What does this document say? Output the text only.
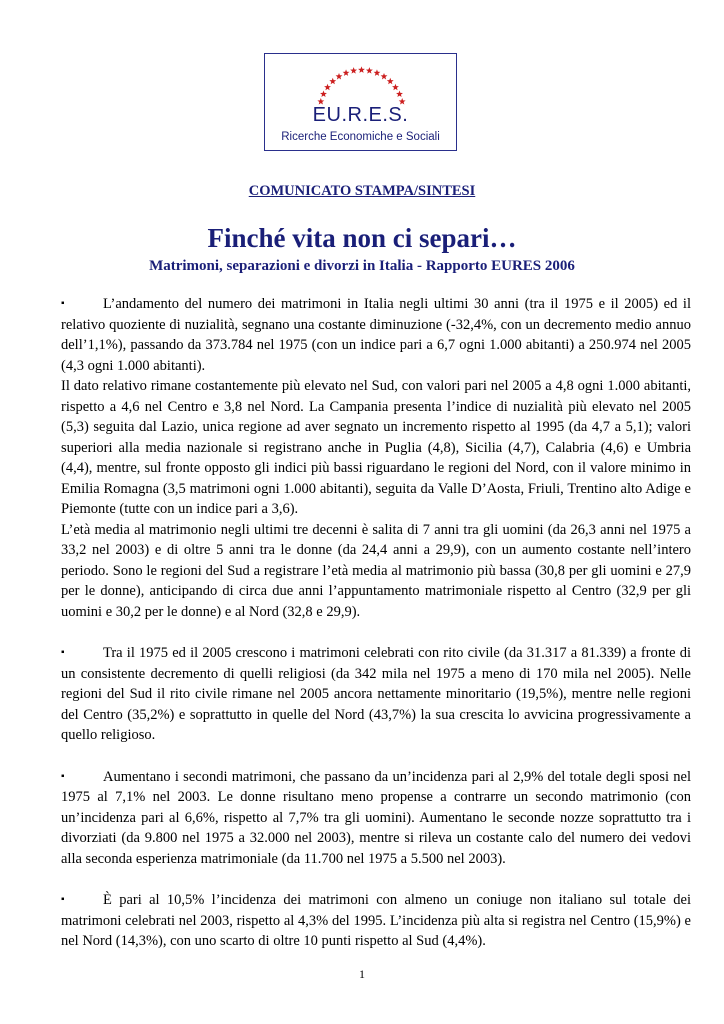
EU.R.E.S.
Ricerche Economiche e Sociali
COMUNICATO STAMPA/SINTESI
Finché vita non ci separi…
Matrimoni, separazioni e divorzi in Italia - Rapporto EURES 2006

▪	L’andamento del numero dei matrimoni in Italia negli ultimi 30 anni (tra il 1975 e il 2005) ed il relativo quoziente di nuzialità, segnano una costante diminuzione (-32,4%, con un decremento medio annuo dell’1,1%), passando da 373.784 nel 1975 (con un indice pari a 6,7 ogni 1.000 abitanti) a 250.974 nel 2005 (4,3 ogni 1.000 abitanti).

Il dato relativo rimane costantemente più elevato nel Sud, con valori pari nel 2005 a 4,8 ogni 1.000 abitanti, rispetto a 4,6 nel Centro e 3,8 nel Nord. La Campania presenta l’indice di nuzialità più elevato nel 2005 (5,3) seguita dal Lazio, unica regione ad aver segnato un incremento rispetto al 1995 (da 4,7 a 5,1); valori superiori alla media nazionale si registrano anche in Puglia (4,8), Sicilia (4,7), Calabria (4,6) e Umbria (4,4), mentre, sul fronte opposto gli indici più bassi riguardano le regioni del Nord, con il valore minimo in Emilia Romagna (3,5 matrimoni ogni 1.000 abitanti), seguita da Valle D’Aosta, Friuli, Trentino alto Adige e Piemonte (tutte con un indice pari a 3,6).

L’età media al matrimonio negli ultimi tre decenni è salita di 7 anni tra gli uomini (da 26,3 anni nel 1975 a 33,2 nel 2003) e di oltre 5 anni tra le donne (da 24,4 anni a 29,9), con un aumento costante nell’intero periodo. Sono le regioni del Sud a registrare l’età media al matrimonio più bassa (30,8 per gli uomini e 27,9 per le donne), anticipando di circa due anni l’appuntamento matrimoniale rispetto al Centro (32,9 per gli uomini e 30,2 per le donne) e al Nord (32,8 e 29,9).

▪	Tra il 1975 ed il 2005 crescono i matrimoni celebrati con rito civile (da 31.317 a 81.339) a fronte di un consistente decremento di quelli religiosi (da 342 mila nel 1975 a meno di 170 mila nel 2005). Nelle regioni del Sud il rito civile rimane nel 2005 ancora nettamente minoritario (19,5%), mentre nelle regioni del Centro (35,2%) e soprattutto in quelle del Nord (43,7%) la sua crescita lo avvicina progressivamente a quello religioso.

▪	Aumentano i secondi matrimoni, che passano da un’incidenza pari al 2,9% del totale degli sposi nel 1975 al 7,1% nel 2003. Le donne risultano meno propense a contrarre un secondo matrimonio (con un’incidenza pari al 6,6%, rispetto al 7,7% tra gli uomini). Aumentano le seconde nozze soprattutto tra i divorziati (da 9.800 nel 1975 a 32.000 nel 2003), mentre si rileva un costante calo del numero dei vedovi alla seconda esperienza matrimoniale (da 11.700 nel 1975 a 5.500 nel 2003).

▪	È pari al 10,5% l’incidenza dei matrimoni con almeno un coniuge non italiano sul totale dei matrimoni celebrati nel 2003, rispetto al 4,3% del 1995. L’incidenza più alta si registra nel Centro (15,9%) e nel Nord (14,3%), con uno scarto di oltre 10 punti rispetto al Sud (4,4%).

1
